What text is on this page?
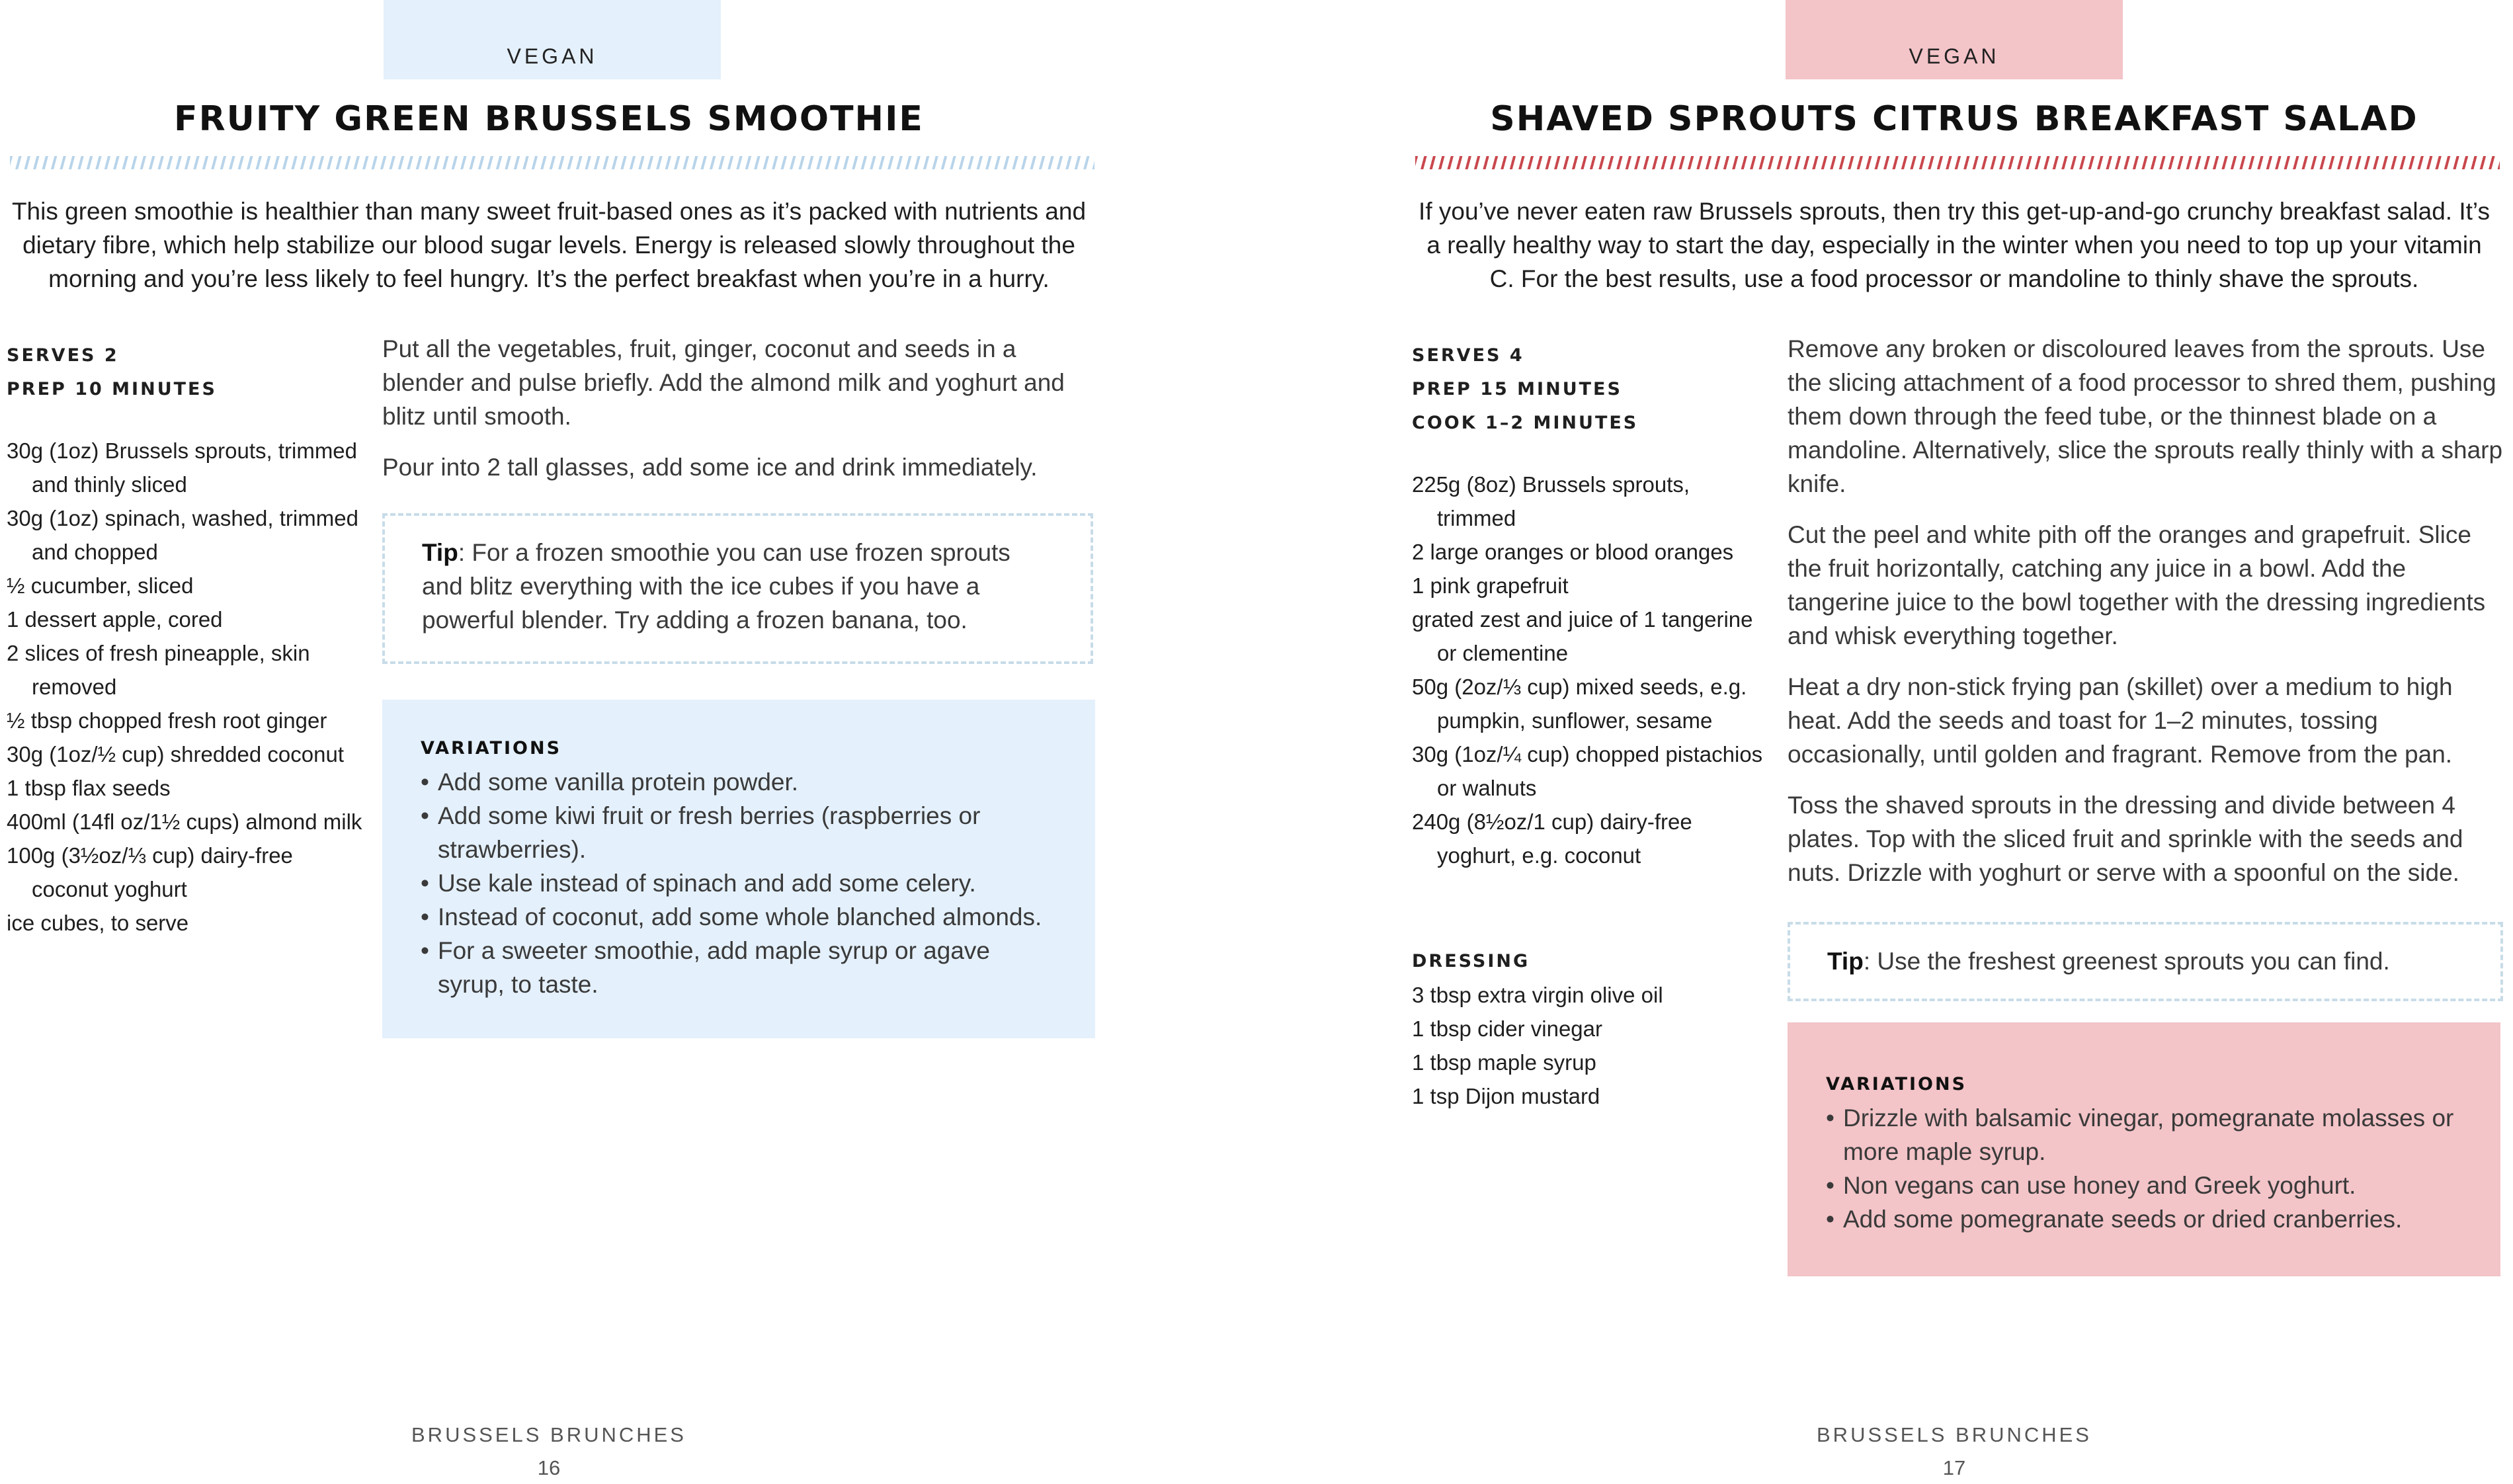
VEGAN
FRUITY GREEN BRUSSELS SMOOTHIE
This green smoothie is healthier than many sweet fruit-based ones as it’s packed with nutrients and dietary fibre, which help stabilize our blood sugar levels. Energy is released slowly throughout the morning and you’re less likely to feel hungry. It’s the perfect breakfast when you’re in a hurry.
SERVES 2
PREP 10 MINUTES
30g (1oz) Brussels sprouts, trimmed and thinly sliced
30g (1oz) spinach, washed, trimmed and chopped
½ cucumber, sliced
1 dessert apple, cored
2 slices of fresh pineapple, skin removed
½ tbsp chopped fresh root ginger
30g (1oz/½ cup) shredded coconut
1 tbsp flax seeds
400ml (14fl oz/1½ cups) almond milk
100g (3½oz/⅓ cup) dairy-free coconut yoghurt
ice cubes, to serve

Put all the vegetables, fruit, ginger, coconut and seeds in a blender and pulse briefly. Add the almond milk and yoghurt and blitz until smooth.

Pour into 2 tall glasses, add some ice and drink immediately.

Tip: For a frozen smoothie you can use frozen sprouts and blitz everything with the ice cubes if you have a powerful blender. Try adding a frozen banana, too.
VARIATIONS
• Add some vanilla protein powder.
• Add some kiwi fruit or fresh berries (raspberries or strawberries).
• Use kale instead of spinach and add some celery.
• Instead of coconut, add some whole blanched almonds.
• For a sweeter smoothie, add maple syrup or agave syrup, to taste.
BRUSSELS BRUNCHES
16
VEGAN
SHAVED SPROUTS CITRUS BREAKFAST SALAD
If you’ve never eaten raw Brussels sprouts, then try this get-up-and-go crunchy breakfast salad. It’s a really healthy way to start the day, especially in the winter when you need to top up your vitamin C. For the best results, use a food processor or mandoline to thinly shave the sprouts.
SERVES 4
PREP 15 MINUTES
COOK 1–2 MINUTES
225g (8oz) Brussels sprouts, trimmed
2 large oranges or blood oranges
1 pink grapefruit
grated zest and juice of 1 tangerine or clementine
50g (2oz/⅓ cup) mixed seeds, e.g. pumpkin, sunflower, sesame
30g (1oz/¼ cup) chopped pistachios or walnuts
240g (8½oz/1 cup) dairy-free yoghurt, e.g. coconut
DRESSING
3 tbsp extra virgin olive oil
1 tbsp cider vinegar
1 tbsp maple syrup
1 tsp Dijon mustard

Remove any broken or discoloured leaves from the sprouts. Use the slicing attachment of a food processor to shred them, pushing them down through the feed tube, or the thinnest blade on a mandoline. Alternatively, slice the sprouts really thinly with a sharp knife.

Cut the peel and white pith off the oranges and grapefruit. Slice the fruit horizontally, catching any juice in a bowl. Add the tangerine juice to the bowl together with the dressing ingredients and whisk everything together.

Heat a dry non-stick frying pan (skillet) over a medium to high heat. Add the seeds and toast for 1–2 minutes, tossing occasionally, until golden and fragrant. Remove from the pan.

Toss the shaved sprouts in the dressing and divide between 4 plates. Top with the sliced fruit and sprinkle with the seeds and nuts. Drizzle with yoghurt or serve with a spoonful on the side.

Tip: Use the freshest greenest sprouts you can find.
VARIATIONS
• Drizzle with balsamic vinegar, pomegranate molasses or more maple syrup.
• Non vegans can use honey and Greek yoghurt.
• Add some pomegranate seeds or dried cranberries.
BRUSSELS BRUNCHES
17
